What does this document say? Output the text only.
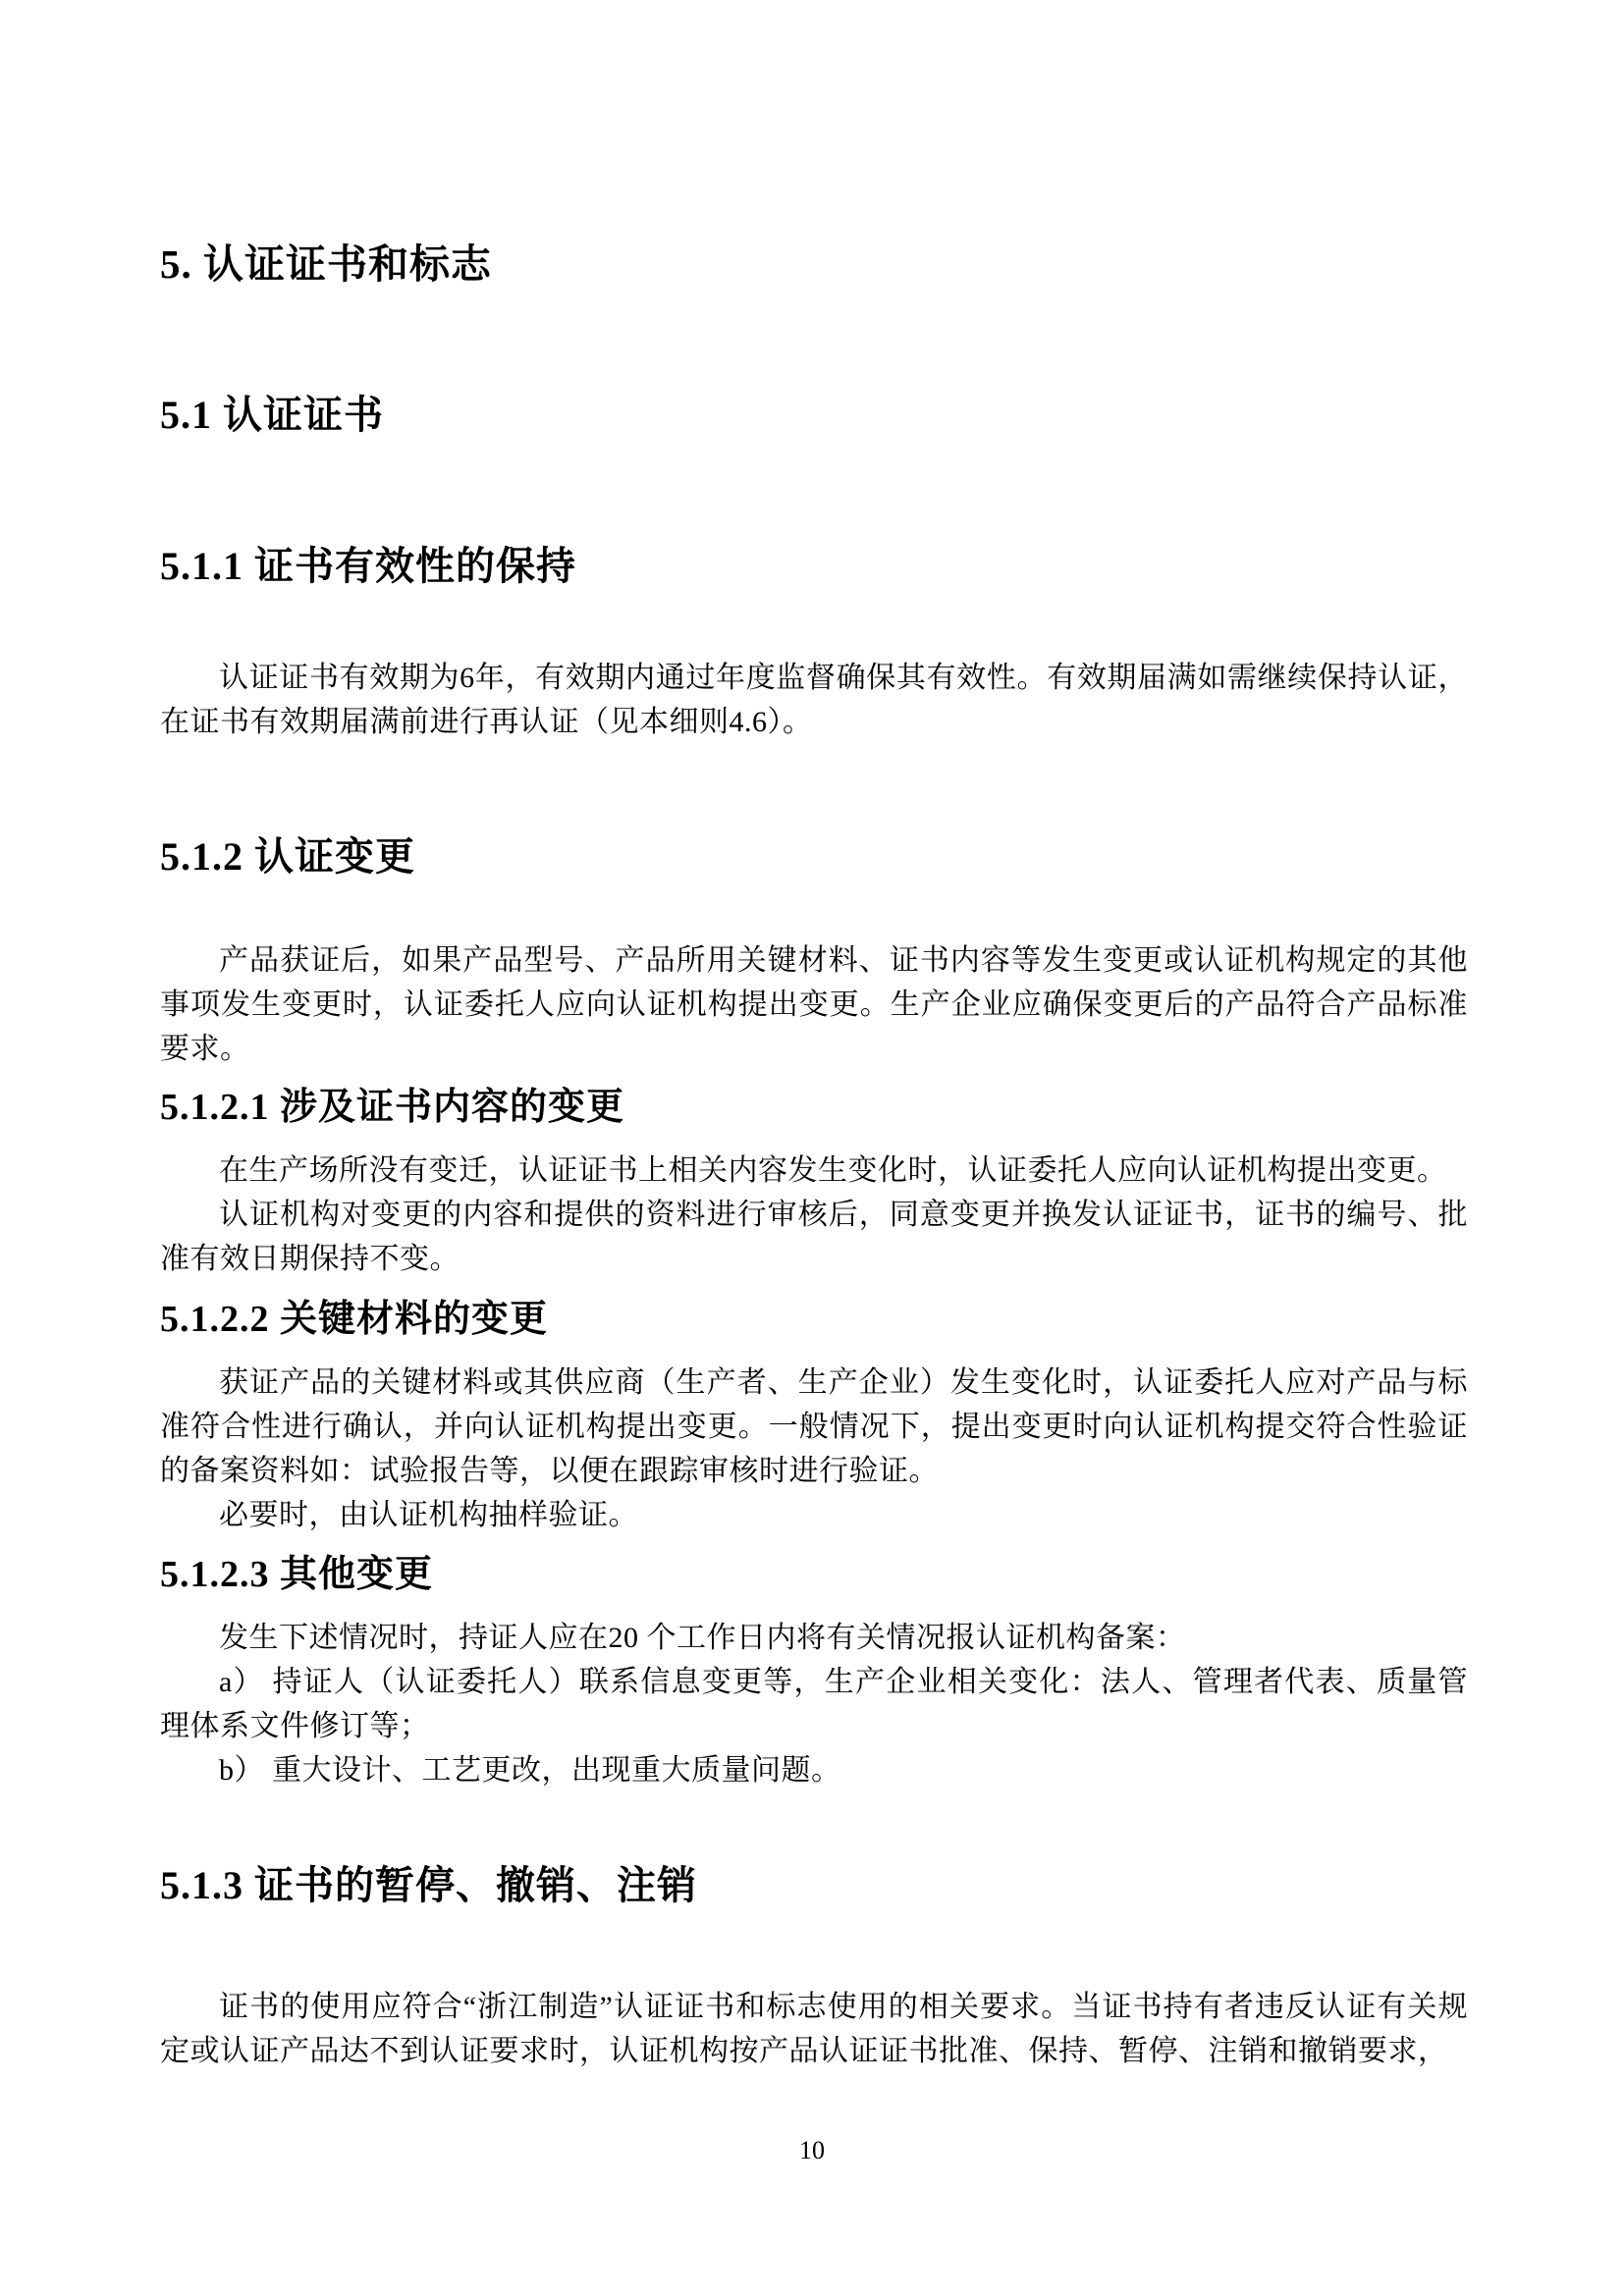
5. 认证证书和标志
5.1 认证证书
5.1.1 证书有效性的保持

认证证书有效期为6年，有效期内通过年度监督确保其有效性。有效期届满如需继续保持认证，在证书有效期届满前进行再认证（见本细则4.6）。

5.1.2 认证变更

产品获证后，如果产品型号、产品所用关键材料、证书内容等发生变更或认证机构规定的其他事项发生变更时，认证委托人应向认证机构提出变更。生产企业应确保变更后的产品符合产品标准要求。

5.1.2.1 涉及证书内容的变更

在生产场所没有变迁，认证证书上相关内容发生变化时，认证委托人应向认证机构提出变更。

认证机构对变更的内容和提供的资料进行审核后，同意变更并换发认证证书，证书的编号、批准有效日期保持不变。

5.1.2.2 关键材料的变更

获证产品的关键材料或其供应商（生产者、生产企业）发生变化时，认证委托人应对产品与标准符合性进行确认，并向认证机构提出变更。一般情况下，提出变更时向认证机构提交符合性验证的备案资料如：试验报告等，以便在跟踪审核时进行验证。

必要时，由认证机构抽样验证。

5.1.2.3 其他变更

发生下述情况时，持证人应在20 个工作日内将有关情况报认证机构备案：

a） 持证人（认证委托人）联系信息变更等，生产企业相关变化：法人、管理者代表、质量管理体系文件修订等；

b） 重大设计、工艺更改，出现重大质量问题。

5.1.3 证书的暂停、撤销、注销

证书的使用应符合“浙江制造”认证证书和标志使用的相关要求。当证书持有者违反认证有关规定或认证产品达不到认证要求时，认证机构按产品认证证书批准、保持、暂停、注销和撤销要求，

10
